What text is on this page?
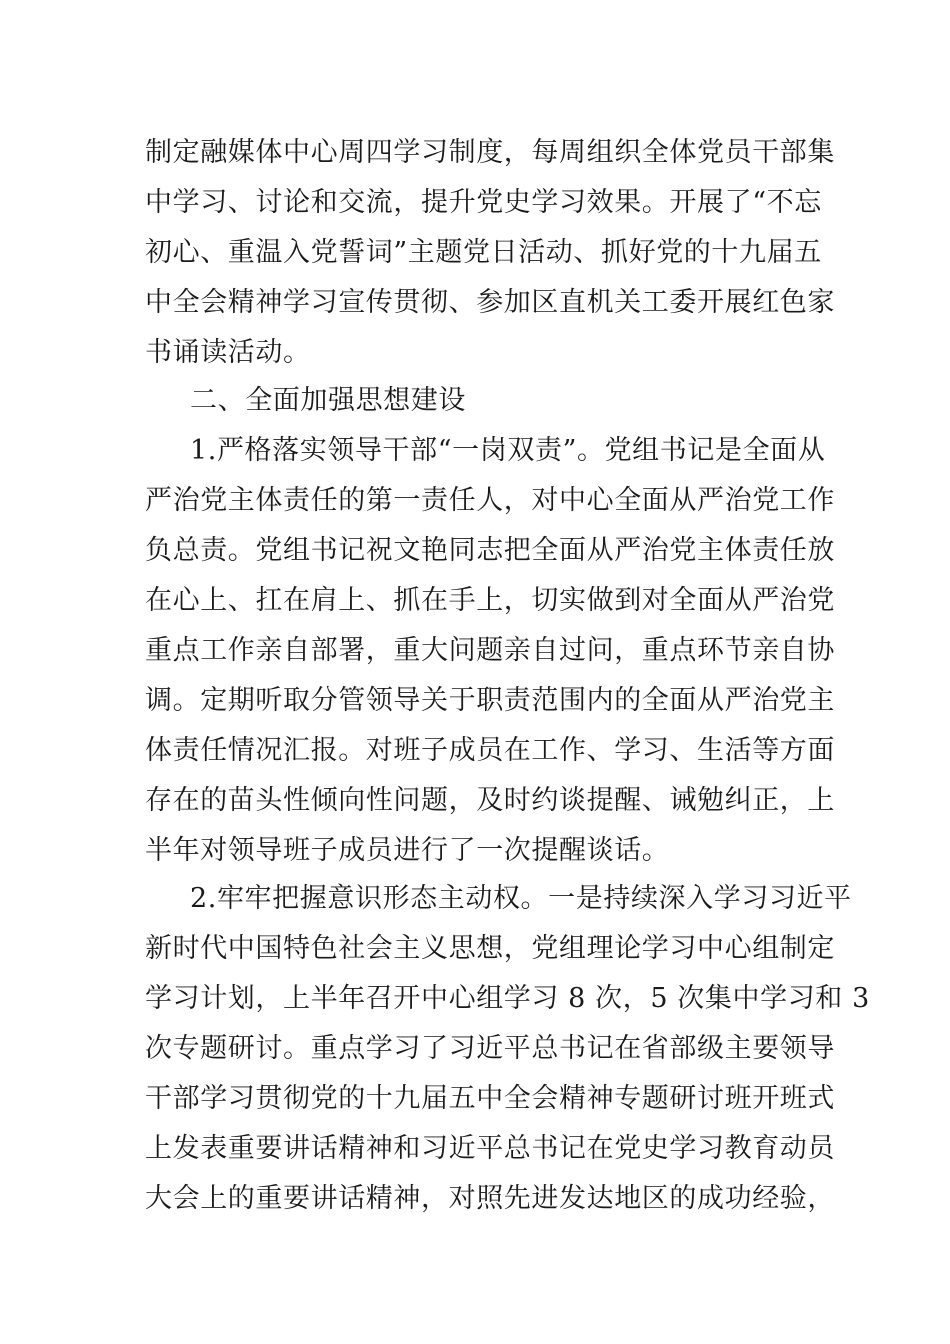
制定融媒体中心周四学习制度，每周组织全体党员干部集
中学习、讨论和交流，提升党史学习效果。开展了“不忘
初心、重温入党誓词”主题党日活动、抓好党的十九届五
中全会精神学习宣传贯彻、参加区直机关工委开展红色家
书诵读活动。
二、全面加强思想建设
1.严格落实领导干部“一岗双责”。党组书记是全面从
严治党主体责任的第一责任人，对中心全面从严治党工作
负总责。党组书记祝文艳同志把全面从严治党主体责任放
在心上、扛在肩上、抓在手上，切实做到对全面从严治党
重点工作亲自部署，重大问题亲自过问，重点环节亲自协
调。定期听取分管领导关于职责范围内的全面从严治党主
体责任情况汇报。对班子成员在工作、学习、生活等方面
存在的苗头性倾向性问题，及时约谈提醒、诫勉纠正，上
半年对领导班子成员进行了一次提醒谈话。
2.牢牢把握意识形态主动权。一是持续深入学习习近平
新时代中国特色社会主义思想，党组理论学习中心组制定
学习计划，上半年召开中心组学习 8 次，5 次集中学习和 3
次专题研讨。重点学习了习近平总书记在省部级主要领导
干部学习贯彻党的十九届五中全会精神专题研讨班开班式
上发表重要讲话精神和习近平总书记在党史学习教育动员
大会上的重要讲话精神，对照先进发达地区的成功经验，
